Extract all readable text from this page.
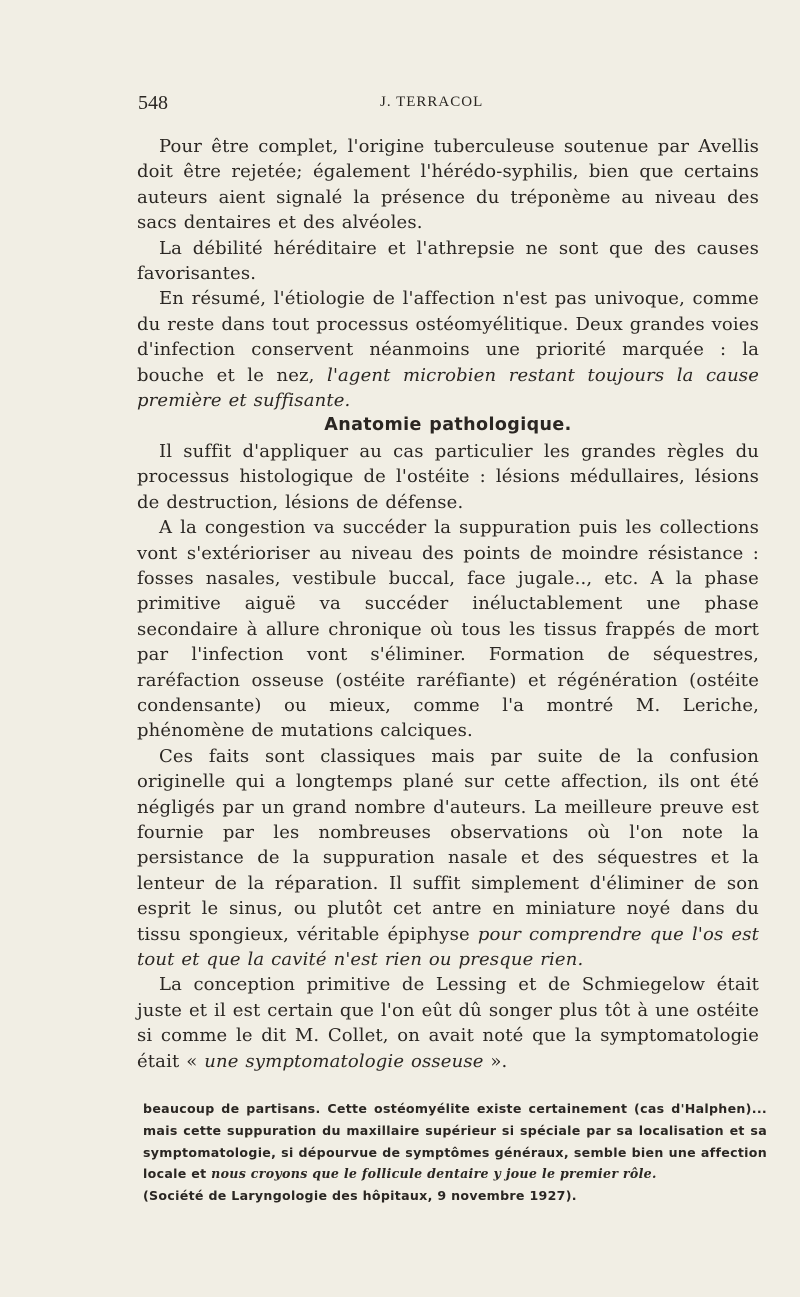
548	J. TERRACOL

Pour être complet, l'origine tuberculeuse soutenue par Avellis doit être rejetée; également l'hérédo-syphilis, bien que certains auteurs aient signalé la présence du tréponème au niveau des sacs dentaires et des alvéoles.

La débilité héréditaire et l'athrepsie ne sont que des causes favorisantes.

En résumé, l'étiologie de l'affection n'est pas univoque, comme du reste dans tout processus ostéomyélitique. Deux grandes voies d'infection conservent néanmoins une priorité marquée : la bouche et le nez, l'agent microbien restant toujours la cause première et suffisante.

Anatomie pathologique.

Il suffit d'appliquer au cas particulier les grandes règles du processus histologique de l'ostéite : lésions médullaires, lésions de destruction, lésions de défense.

A la congestion va succéder la suppuration puis les collections vont s'extérioriser au niveau des points de moindre résistance : fosses nasales, vestibule buccal, face jugale.., etc. A la phase primitive aiguë va succéder inéluctablement une phase secondaire à allure chronique où tous les tissus frappés de mort par l'infection vont s'éliminer. Formation de séquestres, raréfaction osseuse (ostéite raréfiante) et régénération (ostéite condensante) ou mieux, comme l'a montré M. Leriche, phénomène de mutations calciques.

Ces faits sont classiques mais par suite de la confusion originelle qui a longtemps plané sur cette affection, ils ont été négligés par un grand nombre d'auteurs. La meilleure preuve est fournie par les nombreuses observations où l'on note la persistance de la suppuration nasale et des séquestres et la lenteur de la réparation. Il suffit simplement d'éliminer de son esprit le sinus, ou plutôt cet antre en miniature noyé dans du tissu spongieux, véritable épiphyse pour comprendre que l'os est tout et que la cavité n'est rien ou presque rien.

La conception primitive de Lessing et de Schmiegelow était juste et il est certain que l'on eût dû songer plus tôt à une ostéite si comme le dit M. Collet, on avait noté que la symptomatologie était « une symptomatologie osseuse ».

beaucoup de partisans. Cette ostéomyélite existe certainement (cas d'Halphen)... mais cette suppuration du maxillaire supérieur si spéciale par sa localisation et sa symptomatologie, si dépourvue de symptômes généraux, semble bien une affection locale et nous croyons que le follicule dentaire y joue le premier rôle.
(Société de Laryngologie des hôpitaux, 9 novembre 1927).
